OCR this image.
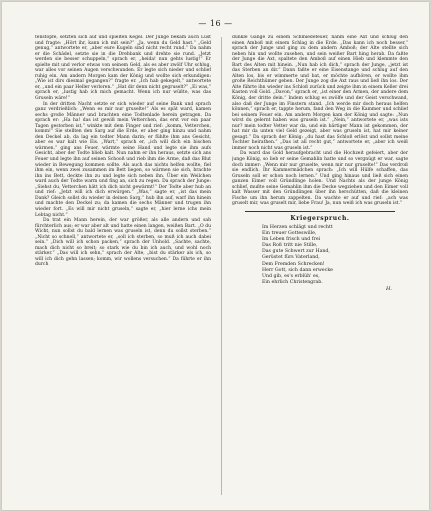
— 16 —

tenstöpfe, setzten sich auf und spielten Kegel. Der Junge bekam auch Lust und fragte: „Hört ihr, kann ich mit sein?“ „Ja, wenn du Geld hast.“ „Geld genug,“ antwortete er, „aber eure Kugeln sind nicht recht rund.“ Da nahm er die Schädel, setzte sie in die Drehbank und drehte sie rund. „Jetzt werden sie besser schuppeln,“ sprach er, „heida! nun gehts lustig!“ Er spielte mit und verlor etwas von seinem Geld, als es aber zwölf Uhr schlug, war alles vor seinen Augen verschwunden. Er legte sich nieder und schlief ruhig ein. Am andern Morgen kam der König und wollte sich erkundigen: „Wie ist dirs diesmal gegangen?“ fragte er. „Ich hab gekegelt,“ antwortete er, „und ein paar Heller verloren.“ „Hat dir denn nicht gegruselt?“ „Ei was,“ sprach er, „lustig hab ich mich gemacht. Wenn ich nur wüßte, was das Gruseln wäre!“

In der dritten Nacht setzte er sich wieder auf seine Bank und sprach ganz verdrießlich: „Wenn es mir nur gruselte!“ Als es spät ward, kamen sechs große Männer und brachten eine Todtenlade herein getragen. Da sprach er: „Ha ha! das ist gewiß mein Vetterchen, das erst vor ein paar Tagen gestorben ist,“ winkte mit dem Finger und rief: „komm, Vetterchen, komm!“ Sie stellten den Sarg auf die Erde, er aber ging hinzu und nahm den Deckel ab, da lag ein todter Mann darin; er fühlte ihm ans Gesicht, aber es war kalt wie Eis. „Wart,“ sprach er, „ich will dich ein bischen wärmen,“ ging ans Feuer, wärmte seine Hand und legte sie ihm aufs Gesicht, aber der Todte blieb kalt. Nun nahm er ihn heraus, setzte sich ans Feuer und legte ihn auf seinen Schooß und rieb ihm die Arme, daß das Blut wieder in Bewegung kommen sollte. Als auch das nichts helfen wollte, fiel ihm ein, wenn zwei zusammen im Bett liegen, so wärmen sie sich, brachte ihn ins Bett, deckte ihn zu und legte sich neben ihn. Über ein Weilchen ward auch der Todte warm und fing an, sich zu regen. Da sprach der Junge: „Siehst du, Vetterchen hätt ich dich nicht gewärmt!“ Der Todte aber hub an und rief: „Jetzt will ich dich erwürgen.“ „Was,“ sagte er, „ist das mein Dank? Gleich sollst du wieder in deinen Sarg,“ hub ihn auf, warf ihn hinein und machte den Deckel zu; da kamen die sechs Männer und trugen ihn wieder fort. „Es will mir nicht gruseln,“ sagte er, „hier lerne ichs mein Lebtag nicht.“

Da trat ein Mann herein, der war größer, als alle andern und sah fürchterlich aus; er war aber alt und hatte einen langen, weißen Bart. „O du Wicht, nun sollst du bald lernen was gruseln ist, denn du sollst sterben.“ „Nicht so schnell,“ antwortete er, „soll ich sterben, so muß ich auch dabei sein.“ „Dich will ich schon packen,“ sprach der Unhold. „Sachte, sachte, mach dich nicht so breit; so stark wie du bin ich auch, und wohl noch stärker.“ „Das will ich sehn,“ sprach der Alte, „bist du stärker als ich, so will ich dich gehn lassen; komm, wir wollens versuchen.“ Da führte er ihn durch

dunkle Gänge zu einem Schmiedefeuer, nahm eine Axt und schlug den einen Amboß mit einem Schlag in die Erde. „Das kann ich noch besser,“ sprach der Junge und ging zu dem andern Amboß; der Alte stellte sich neben hin und wollte zusehen, und sein weißer Bart hing herab. Da faßte der Junge die Axt, spaltete den Amboß auf einen Hieb und klemmte den Bart des Alten mit hinein. „Nun hab ich dich,“ sprach der Junge, „jetzt ist das Sterben an dir.“ Dann faßte er eine Eisenstange und schlug auf den Alten los, bis er wimmerte und bat, er möchte aufhören, er wollte ihm große Reichthümer geben. Der Junge zog die Axt raus und ließ ihn los. Der Alte führte ihn wieder ins Schloß zurück und zeigte ihm in einem Keller drei Kasten voll Gold. „Davon,“ sprach er, „ist einer den Armen, der andere dem König, der dritte dein.“ Indem schlug es zwölfe und der Geist verschwand, also daß der Junge im Finstern stand. „Ich werde mir doch heraus helfen können,“ sprach er, tappte herum, fand den Weg in die Kammer und schlief bei seinem Feuer ein. Am andern Morgen kam der König und sagte: „Nun wirst du gelernt haben was gruseln ist.“ „Nein,“ antwortete er, „was ists nur? mein todter Vetter war da, und ein bärtiger Mann ist gekommen, der hat mir da unten viel Geld gezeigt, aber was gruseln ist, hat mir keiner gesagt.“ Da sprach der König: „du hast das Schloß erlöst und sollst meine Tochter heirathen.“ „Das ist all recht gut,“ antwortete er, „aber ich weiß immer noch nicht was gruseln ist.“

Da ward das Gold heraufgebracht und die Hochzeit gefeiert, aber der junge König, so lieb er seine Gemahlin hatte und so vergnügt er war, sagte doch immer: „Wenn mir nur gruselte, wenn mir nur gruselte!“ Das verdroß sie endlich. Ihr Kammermädchen sprach: „Ich will Hülfe schaffen, das Gruseln soll er schon noch lernen.“ Und ging hinaus und ließ sich einen ganzen Eimer voll Gründlinge holen. Und Nachts als der junge König schlief, mußte seine Gemahlin ihm die Decke wegziehen und den Eimer voll kalt Wasser mit den Gründlingen über ihn herschütten, daß die kleinen Fische um ihn herum zappelten. Da wachte er auf und rief: „ach was gruselt mir, was gruselt mir, liebe Frau! Ja, nun weiß ich was gruseln ist.“

Kriegerspruch.
Im Herzen schlägt und rechtt
Ein treuer Gotteswille,
Im Leben frisch und frei
Das Roß tritt nie Stille,
Das gute Schwert zur Hand,
Gerüstet fürs Vaterland,
Dem Fremden Schrecken!
Herr Gott, sich dann erwecke
Und gib, es's erblüh' es,
Ein ehrlich Christengrab.
H.
